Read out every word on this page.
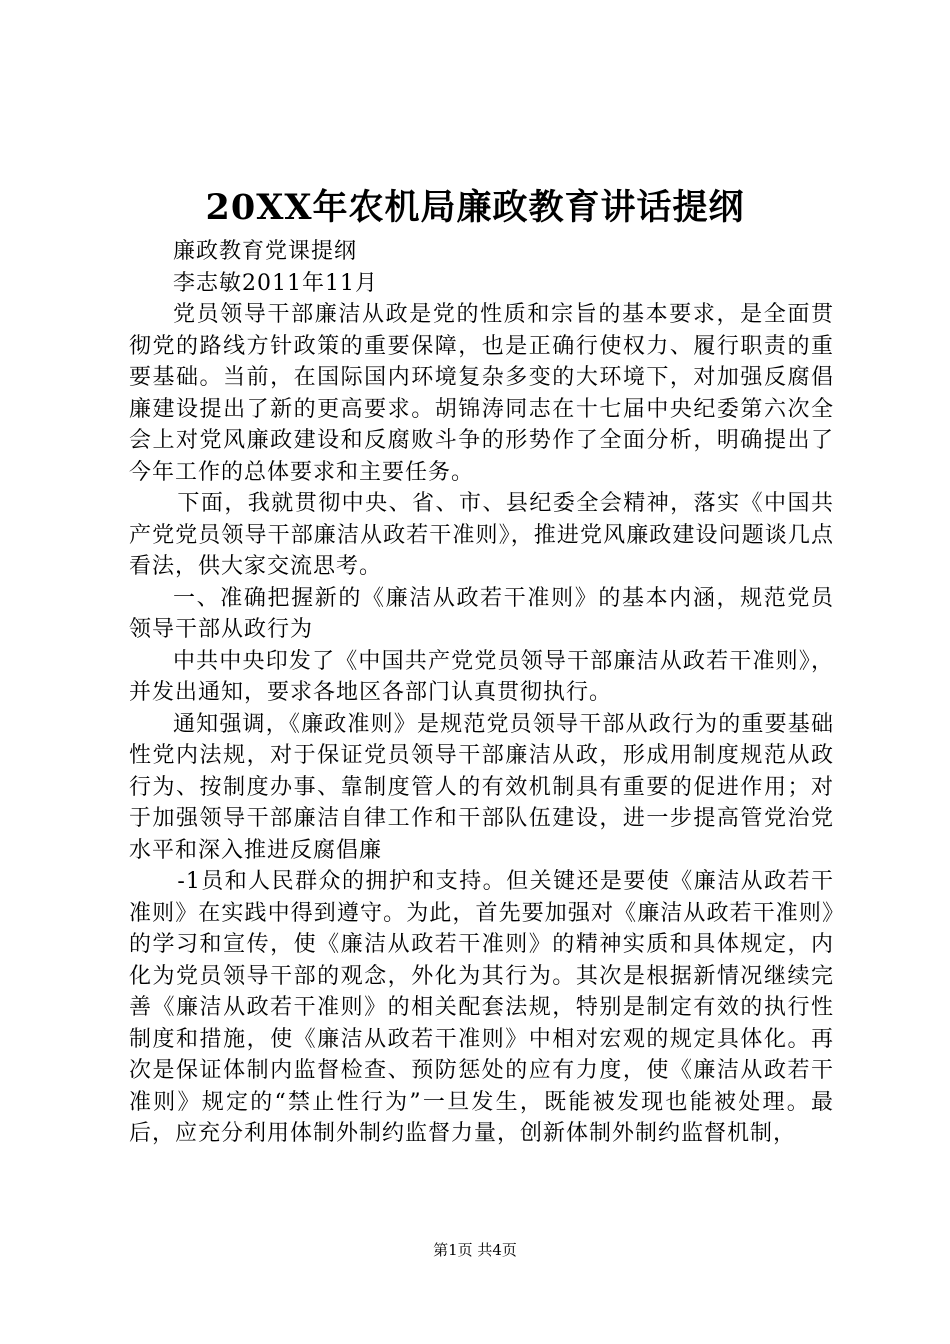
20XX年农机局廉政教育讲话提纲

廉政教育党课提纲

李志敏2011年11月

党员领导干部廉洁从政是党的性质和宗旨的基本要求，是全面贯彻党的路线方针政策的重要保障，也是正确行使权力、履行职责的重要基础。当前，在国际国内环境复杂多变的大环境下，对加强反腐倡廉建设提出了新的更高要求。胡锦涛同志在十七届中央纪委第六次全会上对党风廉政建设和反腐败斗争的形势作了全面分析，明确提出了今年工作的总体要求和主要任务。

下面，我就贯彻中央、省、市、县纪委全会精神，落实《中国共产党党员领导干部廉洁从政若干准则》，推进党风廉政建设问题谈几点看法，供大家交流思考。

一、准确把握新的《廉洁从政若干准则》的基本内涵，规范党员领导干部从政行为

中共中央印发了《中国共产党党员领导干部廉洁从政若干准则》，并发出通知，要求各地区各部门认真贯彻执行。

通知强调，《廉政准则》是规范党员领导干部从政行为的重要基础性党内法规，对于保证党员领导干部廉洁从政，形成用制度规范从政行为、按制度办事、靠制度管人的有效机制具有重要的促进作用；对于加强领导干部廉洁自律工作和干部队伍建设，进一步提高管党治党水平和深入推进反腐倡廉

-1员和人民群众的拥护和支持。但关键还是要使《廉洁从政若干准则》在实践中得到遵守。为此，首先要加强对《廉洁从政若干准则》的学习和宣传，使《廉洁从政若干准则》的精神实质和具体规定，内化为党员领导干部的观念，外化为其行为。其次是根据新情况继续完善《廉洁从政若干准则》的相关配套法规，特别是制定有效的执行性制度和措施，使《廉洁从政若干准则》中相对宏观的规定具体化。再次是保证体制内监督检查、预防惩处的应有力度，使《廉洁从政若干准则》规定的“禁止性行为”一旦发生，既能被发现也能被处理。最后，应充分利用体制外制约监督力量，创新体制外制约监督机制，

第1页 共4页
